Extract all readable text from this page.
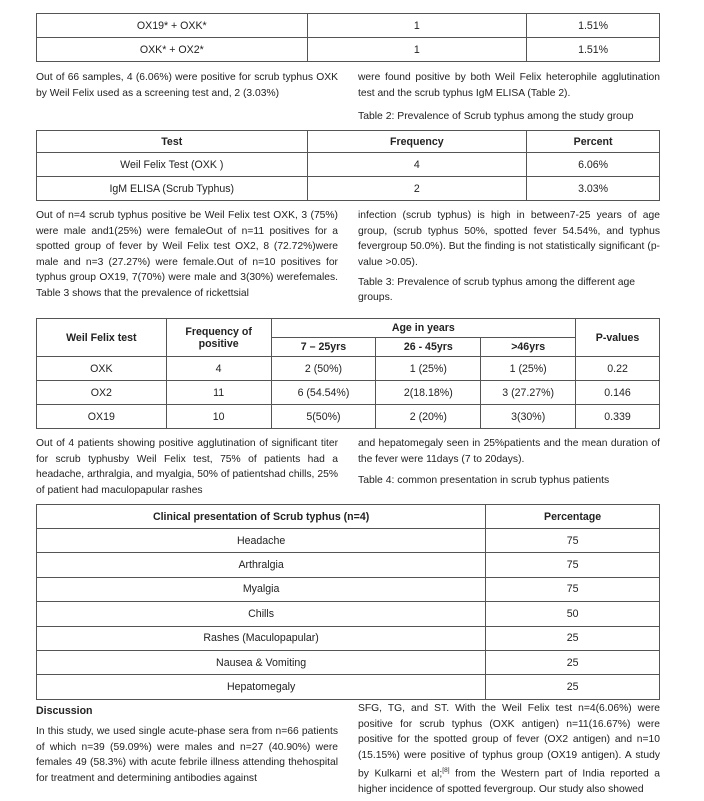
OX19* + OXK*	1	1.51%
OXK* + OX2*	1	1.51%
Out of 66 samples, 4 (6.06%) were positive for scrub typhus OXK by Weil Felix used as a screening test and, 2 (3.03%)
were found positive by both Weil Felix heterophile agglutination test and the scrub typhus IgM ELISA (Table 2).
Table 2: Prevalence of Scrub typhus among the study group
Test	Frequency	Percent
Weil Felix Test (OXK )	4	6.06%
IgM ELISA (Scrub Typhus)	2	3.03%
Out of n=4 scrub typhus positive be Weil Felix test OXK, 3 (75%) were male and1(25%) were femaleOut of n=11 positives for a spotted group of fever by Weil Felix test OX2, 8 (72.72%)were male and n=3 (27.27%) were female.Out of n=10 positives for typhus group OX19, 7(70%) were male and 3(30%) werefemales. Table 3 shows that the prevalence of rickettsial
infection (scrub typhus) is high in between7-25 years of age group, (scrub typhus 50%, spotted fever 54.54%, and typhus fevergroup 50.0%). But the finding is not statistically significant (p-value >0.05).
Table 3: Prevalence of scrub typhus among the different age groups.
Weil Felix test	Frequency of positive	Age in years			P-values
		7 – 25yrs	26 - 45yrs	>46yrs	
OXK	4	2 (50%)	1 (25%)	1 (25%)	0.22
OX2	11	6 (54.54%)	2(18.18%)	3 (27.27%)	0.146
OX19	10	5(50%)	2 (20%)	3(30%)	0.339
Out of 4 patients showing positive agglutination of significant titer for scrub typhusby Weil Felix test, 75% of patients had a headache, arthralgia, and myalgia, 50% of patientshad chills, 25% of patient had maculopapular rashes
and hepatomegaly seen in 25%patients and the mean duration of the fever were 11days (7 to 20days).
Table 4: common presentation in scrub typhus patients
Clinical presentation of Scrub typhus (n=4)	Percentage
Headache	75
Arthralgia	75
Myalgia	75
Chills	50
Rashes (Maculopapular)	25
Nausea & Vomiting	25
Hepatomegaly	25
Discussion
In this study, we used single acute-phase sera from n=66 patients of which n=39 (59.09%) were males and n=27 (40.90%) were females 49 (58.3%) with acute febrile illness attending thehospital for treatment and determining antibodies against
SFG, TG, and ST. With the Weil Felix test n=4(6.06%) were positive for scrub typhus (OXK antigen) n=11(16.67%) were positive for the spotted group of fever (OX2 antigen) and n=10 (15.15%) were positive of typhus group (OX19 antigen). A study by Kulkarni et al;[8] from the Western part of India reported a higher incidence of spotted fevergroup. Our study also showed
